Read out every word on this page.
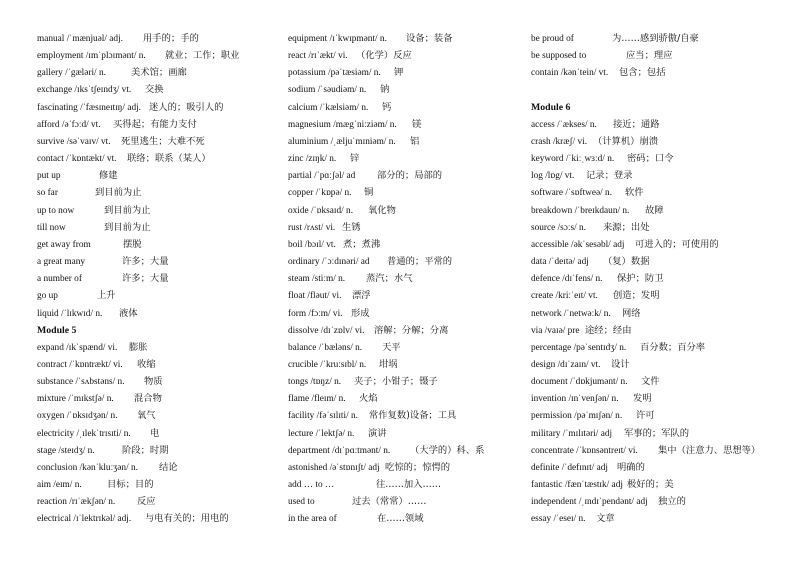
manual /ˈmænjuəl/ adj. 用手的；手的
employment /ɪmˈplɔɪmənt/ n. 就业；工作；职业
gallery /ˈgæləri/ n.	美术馆；画廊
exchange /ɪksˈtʃeɪndʒ/ vt. 交换
fascinating /ˈfæsɪneɪtɪŋ/ adj. 迷人的；吸引人的
afford /əˈfɔːd/ vt. 买得起；有能力支付
survive /səˈvaɪv/ vt. 死里逃生；大难不死
contact /ˈkɒntækt/ vt. 联络；联系（某人）
put up	修建
so far	到目前为止
up to now	到目前为止
till now	到目前为止
get away from	摆脱
a great many	许多；大量
a number of	许多；大量
go up	上升
liquid /ˈlɪkwɪd/ n. 液体
Module 5
expand /ɪkˈspænd/ vi. 膨胀
contract /ˈkɒntrækt/ vi. 收缩
substance /ˈsʌbstəns/ n. 物质
mixture /ˈmɪkstʃə/ n. 混合物
oxygen /ˈɒksɪdʒən/ n. 氧气
electricity /ˌɪlekˈtrɪsɪti/ n. 电
stage /steɪdʒ/ n.	阶段；时期
conclusion /kənˈkluːʒən/ n. 结论
aim /eɪm/ n.	目标；目的
reaction /rɪˈækʃən/ n. 反应
electrical /ɪˈlektrɪkəl/ adj. 与电有关的；用电的
equipment /ɪˈkwɪpmənt/ n. 设备；装备
react /rɪˈækt/ vi. （化学）反应
potassium /pəˈtæsiəm/ n. 钾
sodium /ˈsəudiəm/ n. 钠
calcium /ˈkælsiəm/ n. 钙
magnesium /mægˈniːziəm/ n. 镁
aluminium /ˌæljuˈmɪniəm/ n. 铝
zinc /zɪŋk/ n. 锌
partial /ˈpɑːʃəl/ ad 部分的；局部的
copper /ˈkɒpə/ n. 铜
oxide /ˈɒksaɪd/ n. 氧化物
rust /rʌst/ vi. 生锈
boil /bɔɪl/ vt. 煮；煮沸
ordinary /ˈɔːdɪnəri/ ad 普通的；平常的
steam /stiːm/ n. 蒸汽；水气
float /fləut/ vi. 漂浮
form /fɔːm/ vi. 形成
dissolve /dɪˈzɒlv/ vi. 溶解；分解；分离
balance /ˈbæləns/ n. 天平
crucible /ˈkruːsɪbl/ n. 坩埚
tongs /tɒŋz/ n. 夹子；小钳子；镊子
flame /fleɪm/ n. 火焰
facility /fəˈsɪlɪti/ n. 常作复数)设备；工具
lecture /ˈlektʃə/ n. 演讲
department /dɪˈpɑːtmənt/ n. （大学的）科、系
astonished /əˈstɒnɪʃt/ adj 吃惊的；惊愕的
add … to …	往……加入……
used to	过去（常常）……
in the area of	在……领域
be proud of	为……感到骄傲/自豪
be supposed to	应当；理应
contain /kənˈtein/ vt. 包含；包括
Module 6
access /ˈækses/ n. 接近；通路
crash /kræʃ/ vi. （计算机）崩溃
keyword /ˈkiːˌwɜːd/ n. 密码；口令
log /lɒg/ vt. 记录；登录
software /ˈsɒftweə/ n. 软件
breakdown /ˈbreɪkdaun/ n. 故障
source /sɔːs/ n. 来源；出处
accessible /əkˈsesəbl/ adj 可进入的；可使用的
data /ˈdeɪtə/ adj （复）数据
defence /dɪˈfens/ n. 保护；防卫
create /kriːˈeɪt/ vt. 创造；发明
network /ˈnetwəːk/ n. 网络
via /vaɪə/ pre 途经；经由
percentage /pəˈsentɪdʒ/ n. 百分数；百分率
design /dɪˈzaɪn/ vt. 设计
document /ˈdɒkjumənt/ n. 文件
invention /ɪnˈvenʃən/ n. 发明
permission /pəˈmɪʃən/ n. 许可
military /ˈmɪlɪtəri/ adj 军事的；军队的
concentrate /ˈkɒnsəntreɪt/ vi. 集中（注意力、思想等）
definite /ˈdefɪnɪt/ adj 明确的
fantastic /fænˈtæstɪk/ adj 极好的；美
independent /ˌɪndɪˈpendənt/ adj 独立的
essay /ˈeseɪ/ n. 文章
